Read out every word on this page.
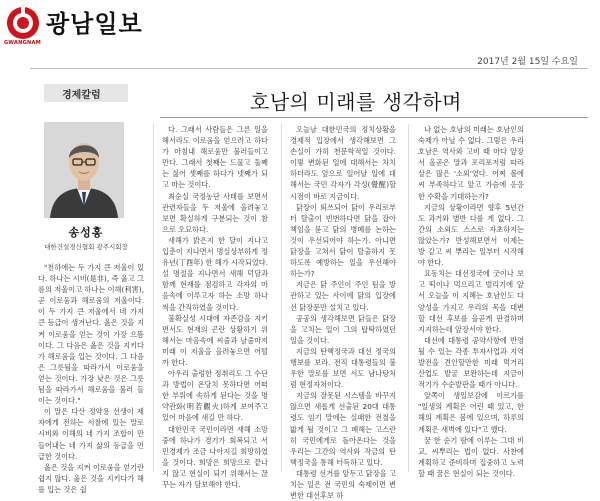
GWANGNAM
광남일보
2017년 2월 15일 수요일
경제칼럼	호남의 미래를 생각하며
송성홍
대한건설경신협회 광주시회장

"천하에는 두 가지 큰 저울이 있다. 하나는 시비(是非), 즉 옳고 그름의 저울이고 하나는 이해(利害), 곧 이로움과 해로움의 저울이다. 이 두 가지 큰 저울에서 네 가지 큰 등급이 생겨난다. 옳은 것을 지켜 이로움을 얻는 것이 가장 으뜸이다. 그 다음은 옳은 것을 지키다가 해로움을 입는 것이다. 그 다음은 그릇됨을 따라가서 이로움을 얻는 것이다. 가장 낮은 것은 그릇됨을 따라가서 해로움을 불러 들이는 것이다."

이 말은 다산 정약용 선생이 제자에게 전하는 서찰에 있는 말로 시비와 이해의 네 가지 조합이 만들어내는 네 가지 삶의 등급을 언급한 것이다.

옳은 것을 지켜 이로움을 얻기란 쉽지 않다. 옳은 것을 지키다가 해를 입는 것은 쉽

다. 그래서 사람들은 그른 일을 해서라도 이로움을 얻으려고 하다가 마침내 해로움만 불러들이고 만다. 그래서 첫째는 드물고 둘째는 싫어 셋째를 하다가 넷째가 되고 마는 것이다.

최순실 국정농단 사태를 보면서 관련자들을 두 저울에 올려놓고 보면 확실하게 구분되는 것이 참으로 오묘하다.

새해가 밝은지 한 달이 지나고 입춘이 지나면서 명실상부하게 정유년(丁酉年) 한 해가 시작되었다. 설 명절을 지나면서 새해 덕담과 함께 현재를 점검하고 각자의 마음속에 이루고자 하는 소망 하나씩을 간직하였을 것이다.

불확실성 시대에 자존감을 지키면서도 현재의 곤란 상황하기 위해서는 마음속에 씨줄과 날줄마저 미래 이 저울을 올려놓으면 어떨까 한다.

아우리 출렁한 정취리도 그 수단과 방법이 온당치 못하다면 어떠한 부뤄에 속하게 된다는 것을 명약관화(明若觀火)하게 보여주고 있어 마음에 새길 만 하다.

대한민국 국민이라면 새해 소망 중에 하나가 경기가 회복되고 서민경제가 조금 나아지길 희망하였을 것이다. 희망은 희망으로 끝나지 않고 현실이 되기 위해서는 끊꾸는 자가 담보해야 한다.

오늘날 대한민국의 정치상황을 경제적 입장에서 생각해보면 그 손실이 가히 천문학적일 것이다. 이렇 변화된 일에 대해서는 차치하더라도 앞으로 일어날 일에 대해서는 국민 각자가 각성(覺醒)할 시점이 바로 지금이다.

닭장이 뙤쓰되어 닭이 우리로부터 탈출이 빈번하다면 닭을 잡아 책임을 묻고 닭의 병폐를 논하는 것이 우선되어야 하는가. 아니면 닭장을 고쳐서 닭이 탈출하지 못하도록 예방하는 일을 우선해야 하는가?

지금은 닭 주인이 주인 팀을 방관하고 있는 사이에 닭의 입장에 선 닭장문만 설치고 있다.

공공의 생각해보면 닭들은 닭장을 고치는 일이 그의 탑탁하였던 일을 것이다.

지금의 탄핵정국과 대선 정국의 행보를 보라. 전직 대통령들의 불우한 말로를 보면 서도 남나탕처럼 현정자쳐이다.

지금의 잘못된 시스템을 바꾸지 않으면 새롭게 선출된 20대 대통령도 임기 말에는 실패한 전철을 밟게 될 것이고 그 폐해는 고스란히 국민에게로 돌아온다는 것을 우리는 그간의 역사와 작금의 탄핵정국을 통해 터득하고 있다.

대통령 선거를 앞두고 닭장을 고치는 일은 전 국민의 숙제이면 변변한 대선후보 하

나 없는 호남의 미래는 호남인의 숙제가 아닐 수 없다. 그렇은 우리 호남은 역사와 고비 때 마다 앞장서 올곧은 말과 포리포저럼 따라 살은 많은 '소외'였다. 어찌 볼에 씨 부족하다고 앞고 가슴에 응응한 수확을 기대하는가?

지금의 상황이라면 향후 5년간도 과거와 별반 다를 게 없다. 그간의 소외도 스스로 자초하지는 않았는가? 반성해보면서 이제는 방 같고 씨 뿌리는 일부터 시작해야 한다.

요동치는 대선정국에 굿이나 보고 떡이나 먹으리고 벌리기에 앞서 오늘을 이 지혜는 호남인도 다양성을 가지고 우리의 목을 대변할 대선 후보를 올곧게 판결하며 지지하는데 앞장서야 한다.

대선에 대통령 공약사항에 반영될 수 있는 각종 투자사업과 지역발전을 견인할만한 미래 먹거리 산업도 발굴 보완하는데 지금이 적기가 수순발판을 때가 아니다.

알쪽이 생일보감에 이르기를 "일생의 계획은 어린 때 있고, 한 해의 계획은 봄에 있으며, 하루의 계획은 새벽에 있다"고 했다.

꿈 한 순기 땀에 이루는 그대 비교, 씨뿌리는 법이 없다. 사찬에 계획하고 준비하며 집중하고 노력할 때 꿈은 현실이 되는 것이다.
